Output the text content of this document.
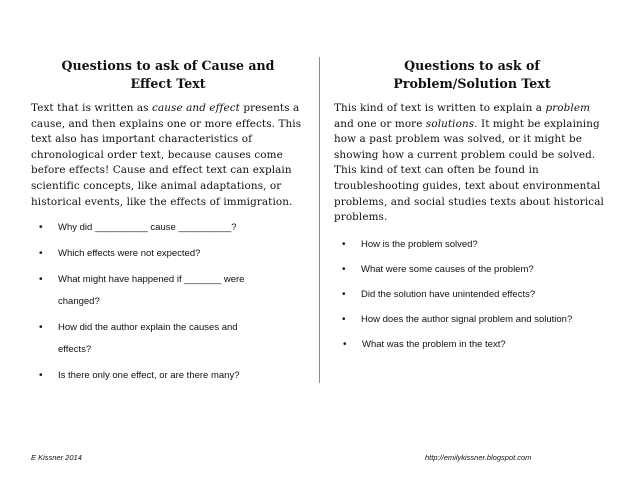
Questions to ask of Cause and
Effect Text

Text that is written as cause and effect presents a cause, and then explains one or more effects. This text also has important characteristics of chronological order text, because causes come before effects! Cause and effect text can explain scientific concepts, like animal adaptations, or historical events, like the effects of immigration.

• Why did __________ cause __________?
• Which effects were not expected?
• What might have happened if _______ were
changed?
• How did the author explain the causes and
effects?
• Is there only one effect, or are there many?
Questions to ask of
Problem/Solution Text

This kind of text is written to explain a problem and one or more solutions. It might be explaining how a past problem was solved, or it might be showing how a current problem could be solved. This kind of text can often be found in troubleshooting guides, text about environmental problems, and social studies texts about historical problems.

• How is the problem solved?
• What were some causes of the problem?
• Did the solution have unintended effects?
• How does the author signal problem and solution?
• What was the problem in the text?
E Kissner 2014	http://emilykissner.blogspot.com
